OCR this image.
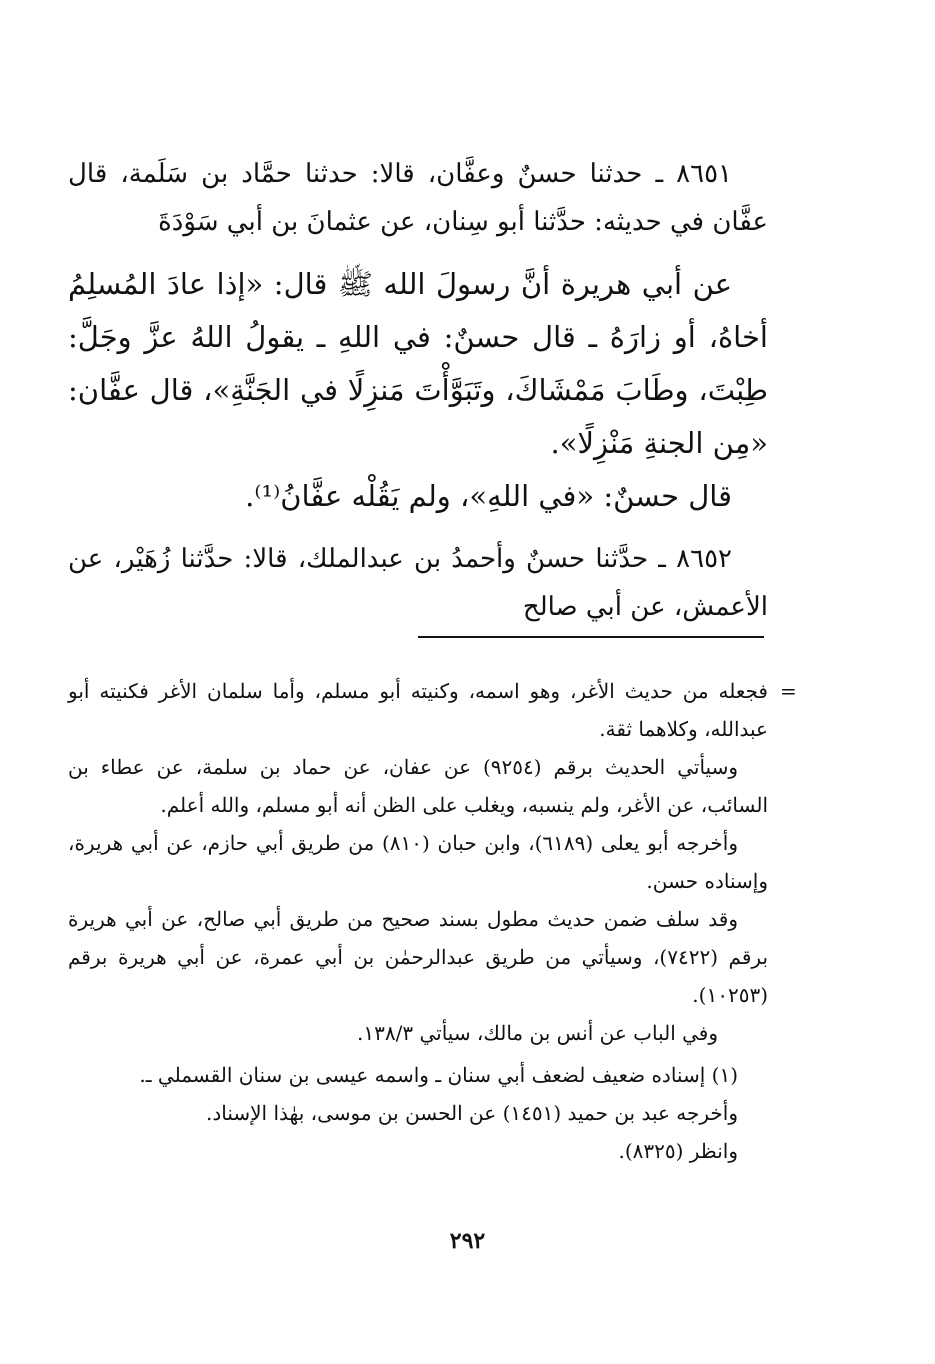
٨٦٥١ ـ حدثنا حسنٌ وعفَّان، قالا: حدثنا حمَّاد بن سَلَمة، قال عفَّان في حديثه: حدَّثنا أبو سِنان، عن عثمانَ بن أبي سَوْدَةَ

عن أبي هريرة أنَّ رسولَ الله ﷺ قال: «إذا عادَ المُسلِمُ أخاهُ، أو زارَهُ ـ قال حسنٌ: في اللهِ ـ يقولُ اللهُ عزَّ وجَلَّ: طِبْتَ، وطَابَ مَمْشَاكَ، وتَبَوَّأْتَ مَنزِلًا في الجَنَّةِ»، قال عفَّان: «مِن الجنةِ مَنْزِلًا».

قال حسنٌ: «في اللهِ»، ولم يَقُلْه عفَّانُ⁽¹⁾.

٨٦٥٢ ـ حدَّثنا حسنٌ وأحمدُ بن عبدالملك، قالا: حدَّثنا زُهَيْر، عن الأعمش، عن أبي صالح

=

فجعله من حديث الأغر، وهو اسمه، وكنيته أبو مسلم، وأما سلمان الأغر فكنيته أبو عبدالله، وكلاهما ثقة.

وسيأتي الحديث برقم (٩٢٥٤) عن عفان، عن حماد بن سلمة، عن عطاء بن السائب، عن الأغر، ولم ينسبه، ويغلب على الظن أنه أبو مسلم، والله أعلم.

وأخرجه أبو يعلى (٦١٨٩)، وابن حبان (٨١٠) من طريق أبي حازم، عن أبي هريرة، وإسناده حسن.

وقد سلف ضمن حديث مطول بسند صحيح من طريق أبي صالح، عن أبي هريرة برقم (٧٤٢٢)، وسيأتي من طريق عبدالرحمٰن بن أبي عمرة، عن أبي هريرة برقم (١٠٢٥٣).

وفي الباب عن أنس بن مالك، سيأتي ١٣٨/٣.

(١) إسناده ضعيف لضعف أبي سنان ـ واسمه عيسى بن سنان القسملي ـ.

وأخرجه عبد بن حميد (١٤٥١) عن الحسن بن موسى، بهٰذا الإسناد.

وانظر (٨٣٢٥).

٢٩٢
